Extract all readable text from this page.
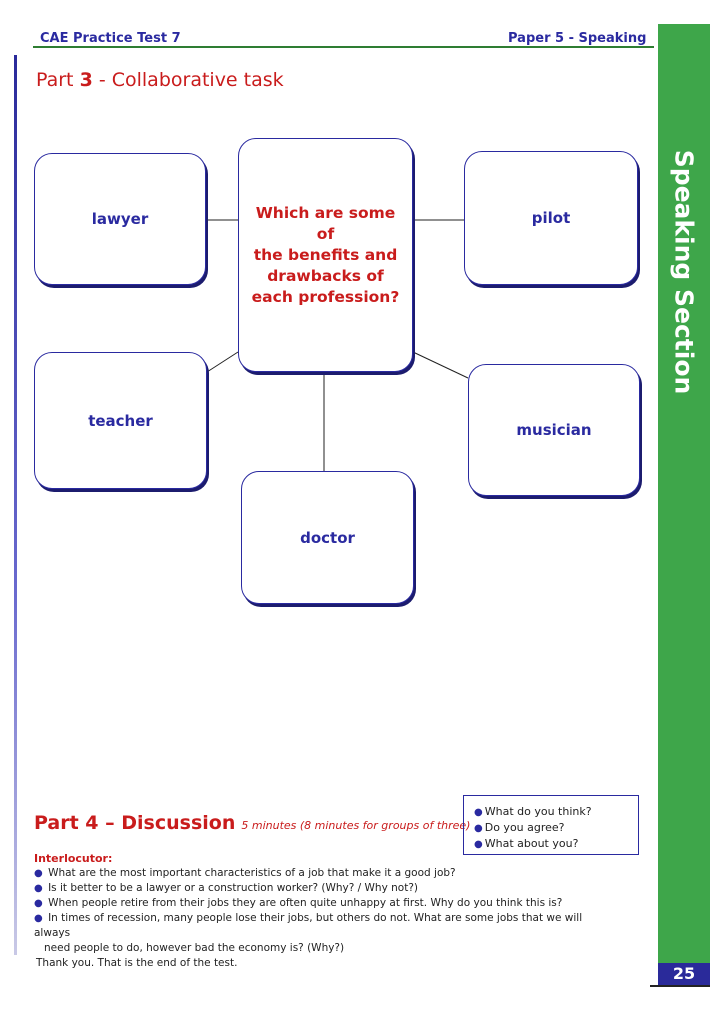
CAE Practice Test 7	Paper 5 - Speaking
Speaking Section
25
Part 3 - Collaborative task
lawyer	Which are some of
the benefits and
drawbacks of
each profession?
pilot
teacher
musician
doctor
Part 4 – Discussion 5 minutes (8 minutes for groups of three)
● What do you think?
● Do you agree?
● What about you?
Interlocutor:
● What are the most important characteristics of a job that make it a good job?
● Is it better to be a lawyer or a construction worker? (Why? / Why not?)
● When people retire from their jobs they are often quite unhappy at first. Why do you think this is?
● In times of recession, many people lose their jobs, but others do not. What are some jobs that we will always
need people to do, however bad the economy is? (Why?)
Thank you. That is the end of the test.
